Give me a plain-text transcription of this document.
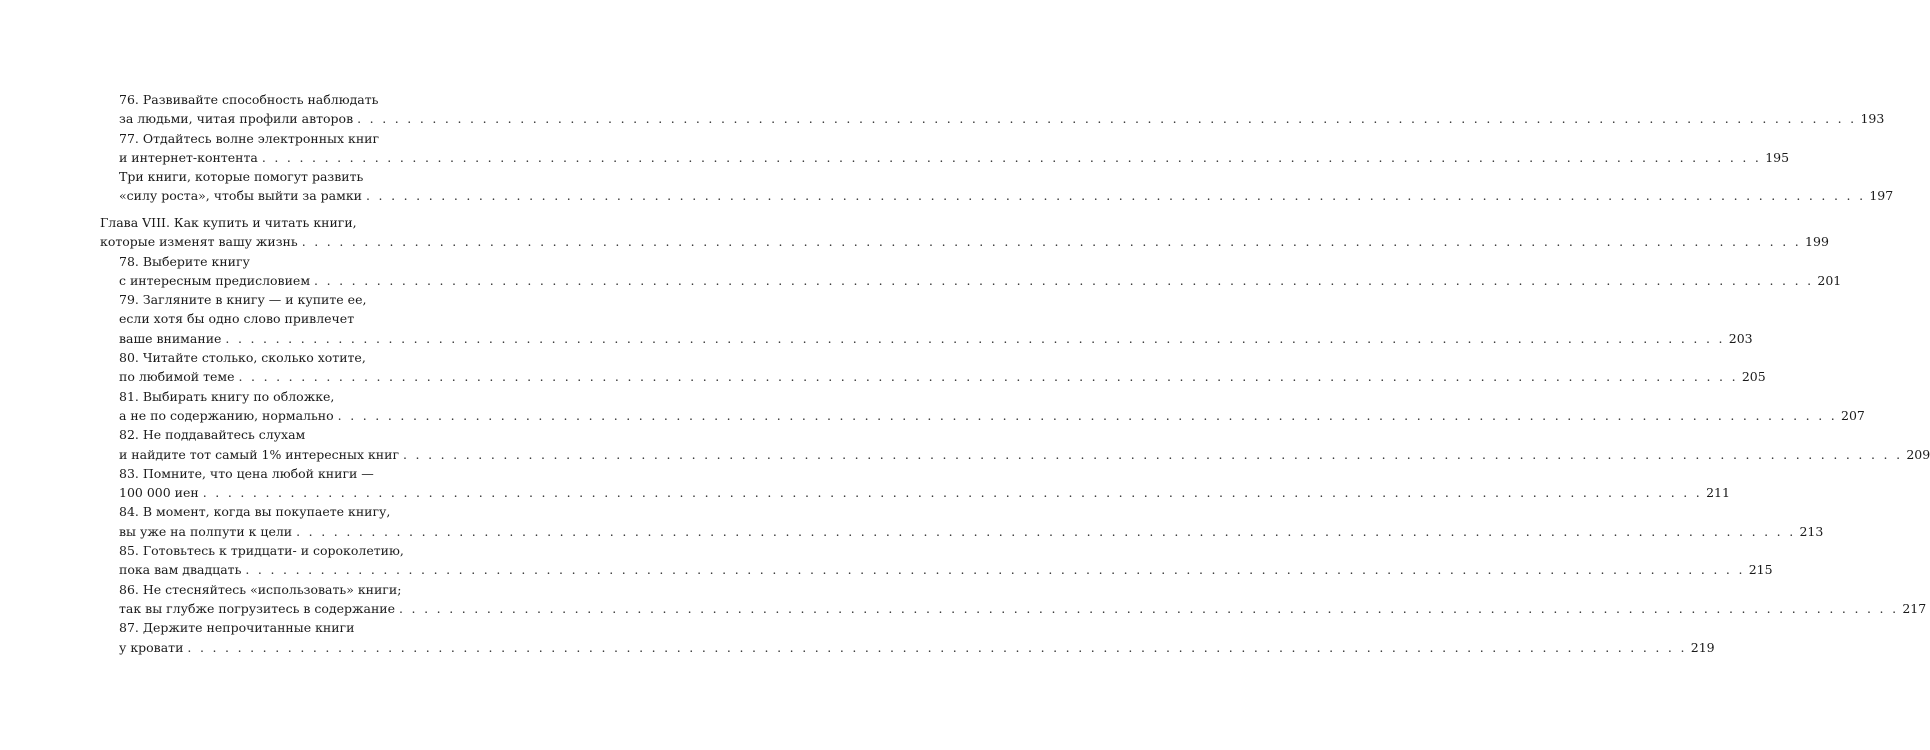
76. Развивайте способность наблюдать
за людьми, читая профили авторов . . . . . . . . . . . . . . . . . . . . . . . . . . . . . . . . . . . . . . . . . . . . . . . . . . . . . . . . . . . . . . . . . . . . . . . . . . . . . . . . . . . . . . . . . . . . . . . . . . . . . . . . . . . . . . . . . . . . . . . . 193
77. Отдайтесь волне электронных книг
и интернет-контента . . . . . . . . . . . . . . . . . . . . . . . . . . . . . . . . . . . . . . . . . . . . . . . . . . . . . . . . . . . . . . . . . . . . . . . . . . . . . . . . . . . . . . . . . . . . . . . . . . . . . . . . . . . . . . . . . . . . . . . . 195
Три книги, которые помогут развить
«силу роста», чтобы выйти за рамки . . . . . . . . . . . . . . . . . . . . . . . . . . . . . . . . . . . . . . . . . . . . . . . . . . . . . . . . . . . . . . . . . . . . . . . . . . . . . . . . . . . . . . . . . . . . . . . . . . . . . . . . . . . . . . . . . . . . . . . . 197
Глава VIII. Как купить и читать книги,
которые изменят вашу жизнь . . . . . . . . . . . . . . . . . . . . . . . . . . . . . . . . . . . . . . . . . . . . . . . . . . . . . . . . . . . . . . . . . . . . . . . . . . . . . . . . . . . . . . . . . . . . . . . . . . . . . . . . . . . . . . . . . . . . . . . . 199
78. Выберите книгу
с интересным предисловием . . . . . . . . . . . . . . . . . . . . . . . . . . . . . . . . . . . . . . . . . . . . . . . . . . . . . . . . . . . . . . . . . . . . . . . . . . . . . . . . . . . . . . . . . . . . . . . . . . . . . . . . . . . . . . . . . . . . . . . . 201
79. Загляните в книгу — и купите ее,
если хотя бы одно слово привлечет
ваше внимание . . . . . . . . . . . . . . . . . . . . . . . . . . . . . . . . . . . . . . . . . . . . . . . . . . . . . . . . . . . . . . . . . . . . . . . . . . . . . . . . . . . . . . . . . . . . . . . . . . . . . . . . . . . . . . . . . . . . . . . . 203
80. Читайте столько, сколько хотите,
по любимой теме . . . . . . . . . . . . . . . . . . . . . . . . . . . . . . . . . . . . . . . . . . . . . . . . . . . . . . . . . . . . . . . . . . . . . . . . . . . . . . . . . . . . . . . . . . . . . . . . . . . . . . . . . . . . . . . . . . . . . . . . 205
81. Выбирать книгу по обложке,
а не по содержанию, нормально . . . . . . . . . . . . . . . . . . . . . . . . . . . . . . . . . . . . . . . . . . . . . . . . . . . . . . . . . . . . . . . . . . . . . . . . . . . . . . . . . . . . . . . . . . . . . . . . . . . . . . . . . . . . . . . . . . . . . . . . 207
82. Не поддавайтесь слухам
и найдите тот самый 1% интересных книг . . . . . . . . . . . . . . . . . . . . . . . . . . . . . . . . . . . . . . . . . . . . . . . . . . . . . . . . . . . . . . . . . . . . . . . . . . . . . . . . . . . . . . . . . . . . . . . . . . . . . . . . . . . . . . . . . . . . . . . . 209
83. Помните, что цена любой книги —
100 000 иен . . . . . . . . . . . . . . . . . . . . . . . . . . . . . . . . . . . . . . . . . . . . . . . . . . . . . . . . . . . . . . . . . . . . . . . . . . . . . . . . . . . . . . . . . . . . . . . . . . . . . . . . . . . . . . . . . . . . . . . . 211
84. В момент, когда вы покупаете книгу,
вы уже на полпути к цели . . . . . . . . . . . . . . . . . . . . . . . . . . . . . . . . . . . . . . . . . . . . . . . . . . . . . . . . . . . . . . . . . . . . . . . . . . . . . . . . . . . . . . . . . . . . . . . . . . . . . . . . . . . . . . . . . . . . . . . . 213
85. Готовьтесь к тридцати- и сороколетию,
пока вам двадцать . . . . . . . . . . . . . . . . . . . . . . . . . . . . . . . . . . . . . . . . . . . . . . . . . . . . . . . . . . . . . . . . . . . . . . . . . . . . . . . . . . . . . . . . . . . . . . . . . . . . . . . . . . . . . . . . . . . . . . . . 215
86. Не стесняйтесь «использовать» книги;
так вы глубже погрузитесь в содержание . . . . . . . . . . . . . . . . . . . . . . . . . . . . . . . . . . . . . . . . . . . . . . . . . . . . . . . . . . . . . . . . . . . . . . . . . . . . . . . . . . . . . . . . . . . . . . . . . . . . . . . . . . . . . . . . . . . . . . . . 217
87. Держите непрочитанные книги
у кровати . . . . . . . . . . . . . . . . . . . . . . . . . . . . . . . . . . . . . . . . . . . . . . . . . . . . . . . . . . . . . . . . . . . . . . . . . . . . . . . . . . . . . . . . . . . . . . . . . . . . . . . . . . . . . . . . . . . . . . . . 219
